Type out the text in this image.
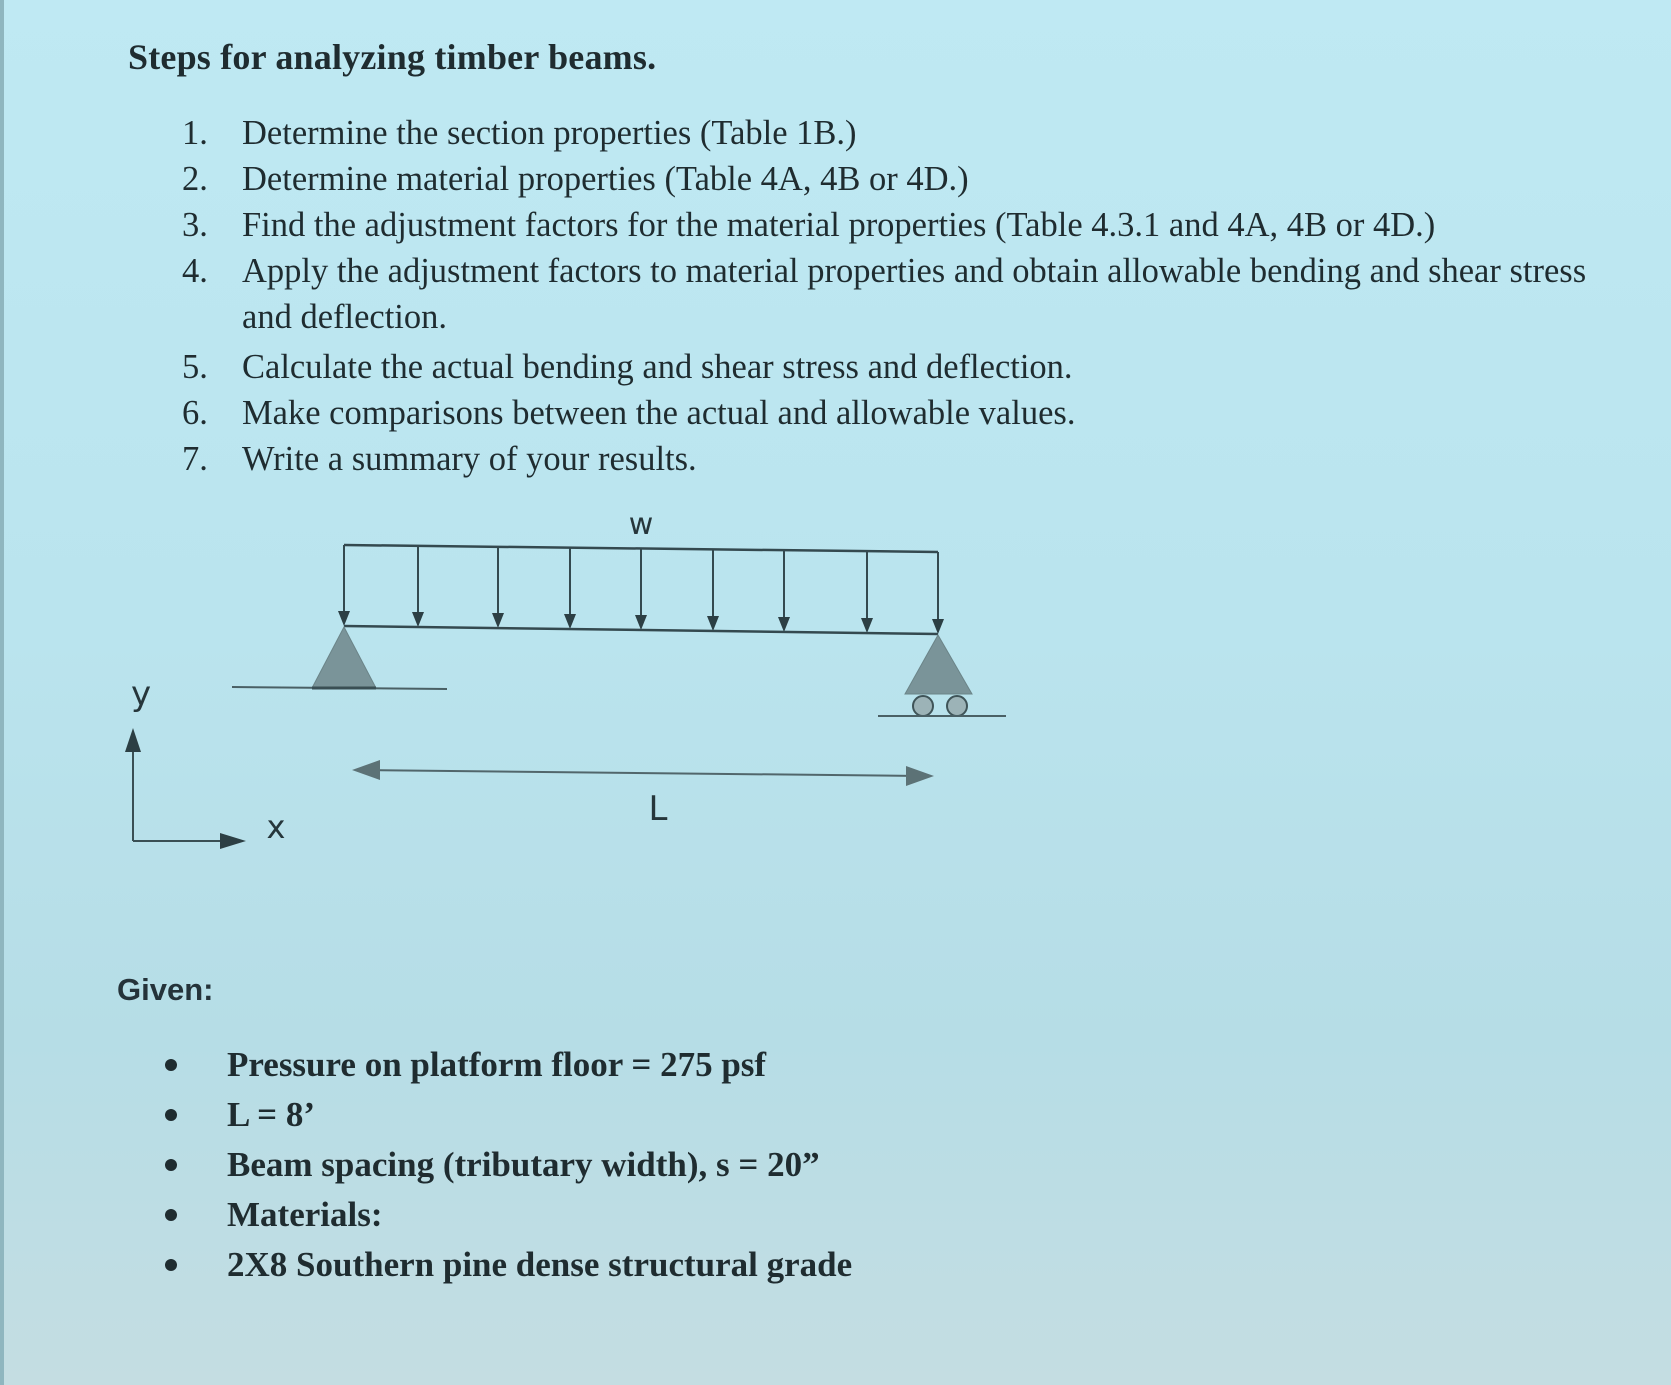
Steps for analyzing timber beams.
1. Determine the section properties (Table 1B.)
2. Determine material properties (Table 4A, 4B or 4D.)
3. Find the adjustment factors for the material properties (Table 4.3.1 and 4A, 4B or 4D.)
4. Apply the adjustment factors to material properties and obtain allowable bending and shear stress and deflection.
5. Calculate the actual bending and shear stress and deflection.
6. Make comparisons between the actual and allowable values.
7. Write a summary of your results.
w
L
y
x
Given:
Pressure on platform floor = 275 psf
L = 8’
Beam spacing (tributary width), s = 20”
Materials:
2X8 Southern pine dense structural grade
